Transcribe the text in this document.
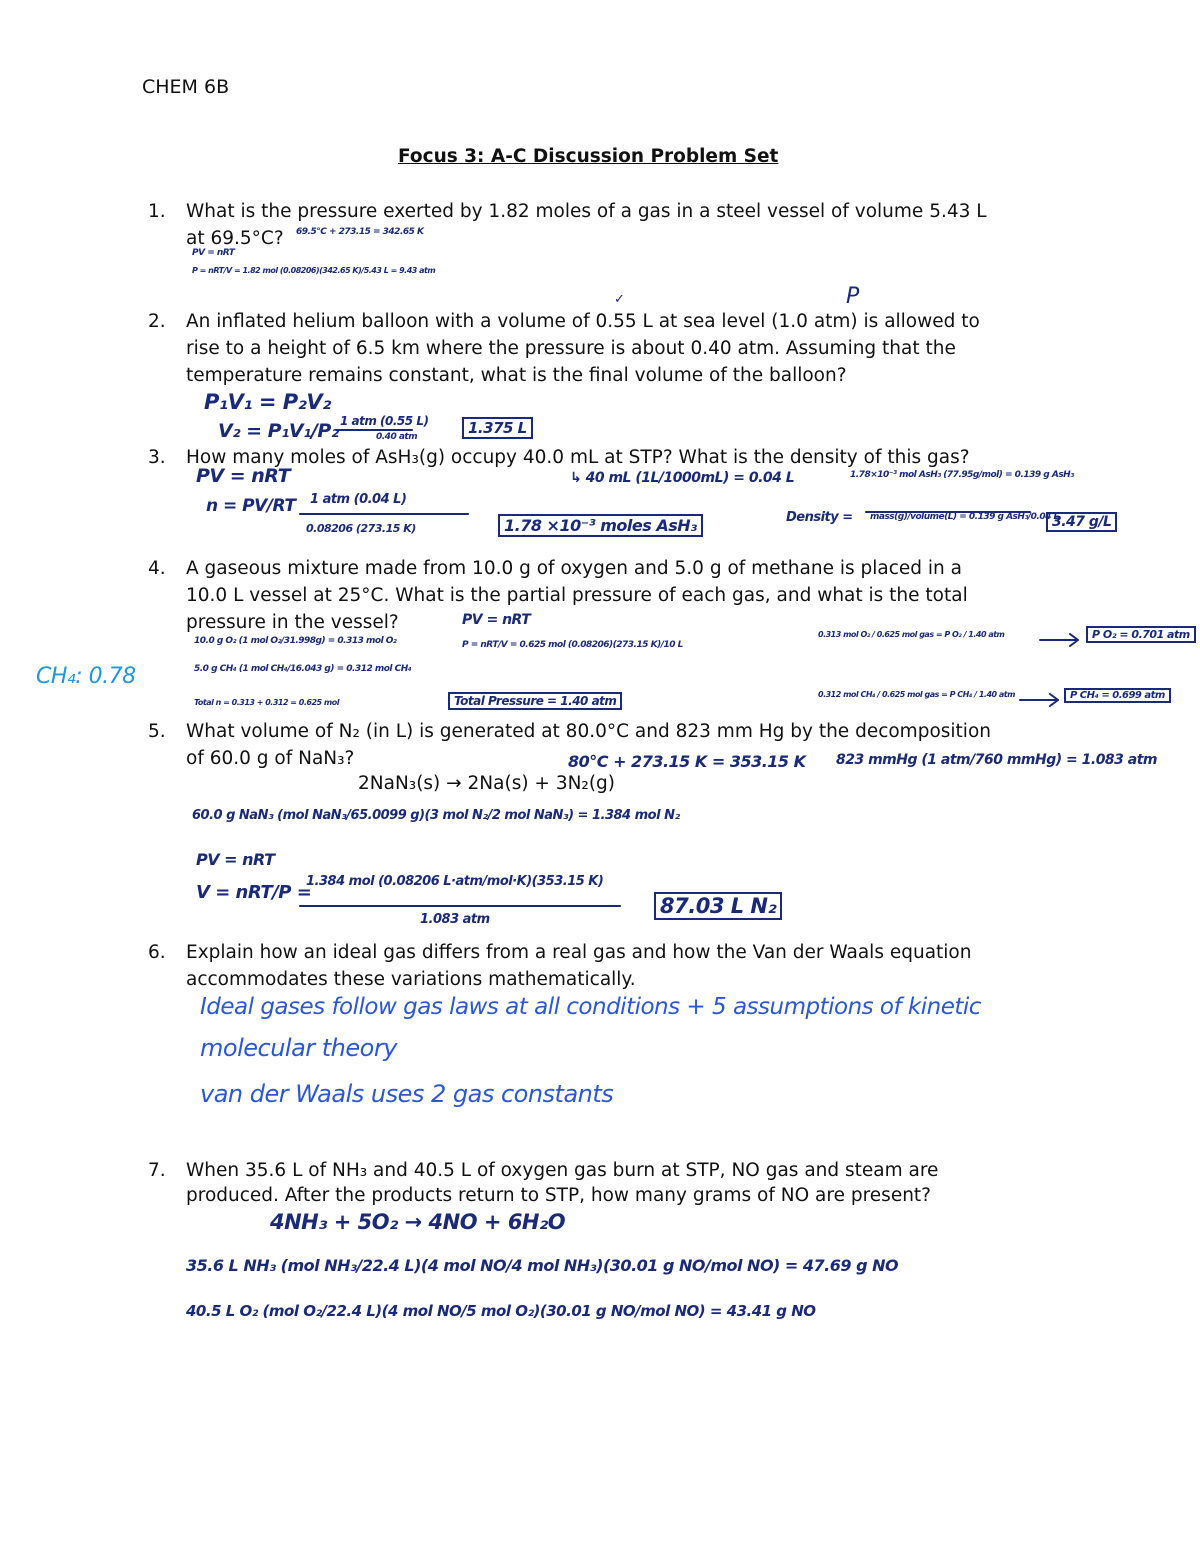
CHEM 6B
Focus 3: A-C Discussion Problem Set
1. What is the pressure exerted by 1.82 moles of a gas in a steel vessel of volume 5.43 L
at 69.5°C? 69.5°C + 273.15 = 342.65 K
PV = nRT
P = nRT/V = 1.82 mol (0.08206)(342.65 K)/5.43 L = 9.43 atm
2. An inflated helium balloon with a volume of 0.55 L at sea level (1.0 atm) is allowed to
rise to a height of 6.5 km where the pressure is about 0.40 atm. Assuming that the
temperature remains constant, what is the final volume of the balloon?
✓	P
P₁V₁ = P₂V₂
V₂ = P₁V₁/P₂ 1 atm (0.55 L)
0.40 atm	1.375 L
3. How many moles of AsH₃(g) occupy 40.0 mL at STP? What is the density of this gas?
PV = nRT
n = PV/RT 1 atm (0.04 L)
0.08206 (273.15 K)	1.78 ×10⁻³ moles AsH₃
↳ 40 mL (1L/1000mL) = 0.04 L	1.78×10⁻³ mol AsH₃ (77.95g/mol) = 0.139 g AsH₃
Density = mass(g)/volume(L) = 0.139 g AsH₃/0.04 L
3.47 g/L
4. A gaseous mixture made from 10.0 g of oxygen and 5.0 g of methane is placed in a
10.0 L vessel at 25°C. What is the partial pressure of each gas, and what is the total
pressure in the vessel?
CH₄: 0.78
10.0 g O₂ (1 mol O₂/31.998g) = 0.313 mol O₂
5.0 g CH₄ (1 mol CH₄/16.043 g) = 0.312 mol CH₄
Total n = 0.313 + 0.312 = 0.625 mol
PV = nRT
P = nRT/V = 0.625 mol (0.08206)(273.15 K)/10 L
Total Pressure = 1.40 atm
0.313 mol O₂ / 0.625 mol gas = P O₂ / 1.40 atm	P O₂ = 0.701 atm
0.312 mol CH₄ / 0.625 mol gas = P CH₄ / 1.40 atm	P CH₄ = 0.699 atm
5. What volume of N₂ (in L) is generated at 80.0°C and 823 mm Hg by the decomposition
of 60.0 g of NaN₃?
2NaN₃(s) → 2Na(s) + 3N₂(g)
80°C + 273.15 K = 353.15 K 823 mmHg (1 atm/760 mmHg) = 1.083 atm
60.0 g NaN₃ (mol NaN₃/65.0099 g)(3 mol N₂/2 mol NaN₃) = 1.384 mol N₂
PV = nRT
V = nRT/P =
1.384 mol (0.08206 L·atm/mol·K)(353.15 K)
1.083 atm
87.03 L N₂
6. Explain how an ideal gas differs from a real gas and how the Van der Waals equation
accommodates these variations mathematically.
Ideal gases follow gas laws at all conditions + 5 assumptions of kinetic
molecular theory
van der Waals uses 2 gas constants
7. When 35.6 L of NH₃ and 40.5 L of oxygen gas burn at STP, NO gas and steam are
produced. After the products return to STP, how many grams of NO are present?
4NH₃ + 5O₂ → 4NO + 6H₂O
35.6 L NH₃ (mol NH₃/22.4 L)(4 mol NO/4 mol NH₃)(30.01 g NO/mol NO) = 47.69 g NO
40.5 L O₂ (mol O₂/22.4 L)(4 mol NO/5 mol O₂)(30.01 g NO/mol NO) = 43.41 g NO
